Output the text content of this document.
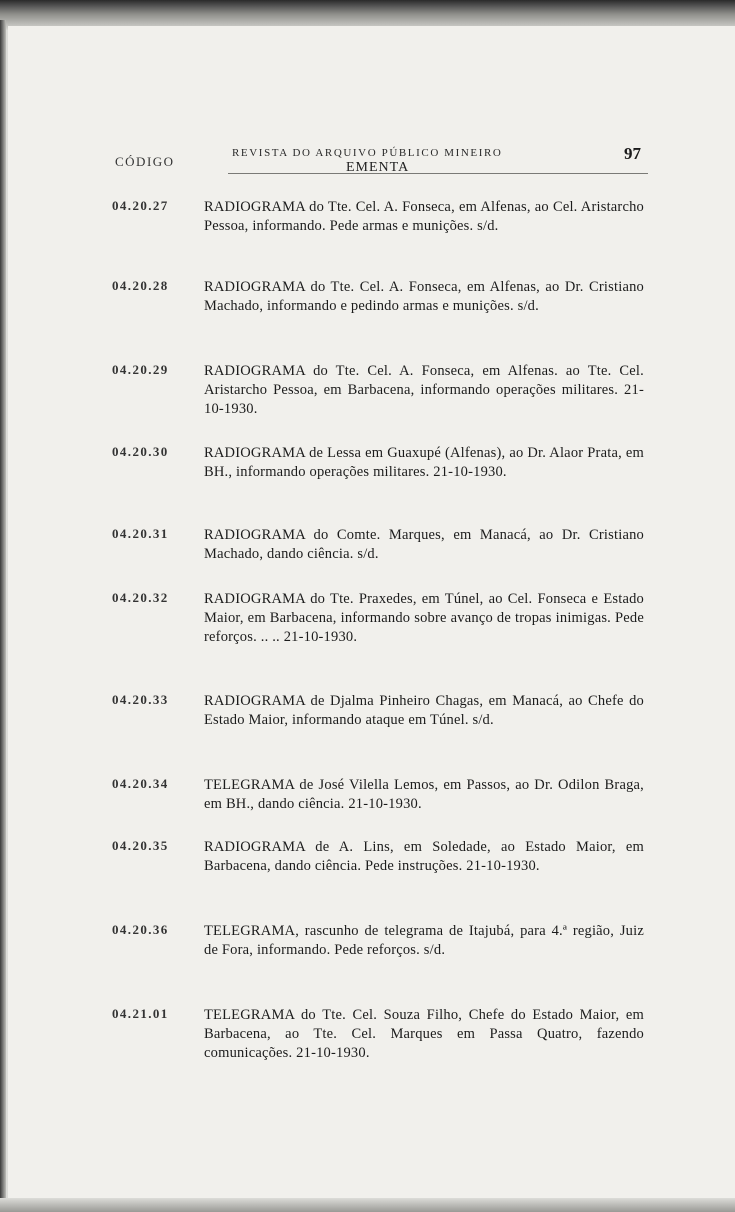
REVISTA DO ARQUIVO PÚBLICO MINEIRO	97
CÓDIGO	EMENTA
04.20.27 RADIOGRAMA do Tte. Cel. A. Fonseca, em Alfenas, ao Cel. Aristarcho Pessoa, informando. Pede armas e munições. s/d.
04.20.28 RADIOGRAMA do Tte. Cel. A. Fonseca, em Alfenas, ao Dr. Cristiano Machado, informando e pedindo armas e munições. s/d.
04.20.29 RADIOGRAMA do Tte. Cel. A. Fonseca, em Alfenas. ao Tte. Cel. Aristarcho Pessoa, em Barbacena, informando operações militares. 21-10-1930.
04.20.30 RADIOGRAMA de Lessa em Guaxupé (Alfenas), ao Dr. Alaor Prata, em BH., informando operações militares. 21-10-1930.
04.20.31 RADIOGRAMA do Comte. Marques, em Manacá, ao Dr. Cristiano Machado, dando ciência. s/d.
04.20.32 RADIOGRAMA do Tte. Praxedes, em Túnel, ao Cel. Fonseca e Estado Maior, em Barbacena, informando sobre avanço de tropas inimigas. Pede reforços. .. .. 21-10-1930.
04.20.33 RADIOGRAMA de Djalma Pinheiro Chagas, em Manacá, ao Chefe do Estado Maior, informando ataque em Túnel. s/d.
04.20.34 TELEGRAMA de José Vilella Lemos, em Passos, ao Dr. Odilon Braga, em BH., dando ciência. 21-10-1930.
04.20.35 RADIOGRAMA de A. Lins, em Soledade, ao Estado Maior, em Barbacena, dando ciência. Pede instruções. 21-10-1930.
04.20.36 TELEGRAMA, rascunho de telegrama de Itajubá, para 4.ª região, Juiz de Fora, informando. Pede reforços. s/d.
04.21.01 TELEGRAMA do Tte. Cel. Souza Filho, Chefe do Estado Maior, em Barbacena, ao Tte. Cel. Marques em Passa Quatro, fazendo comunicações. 21-10-1930.
